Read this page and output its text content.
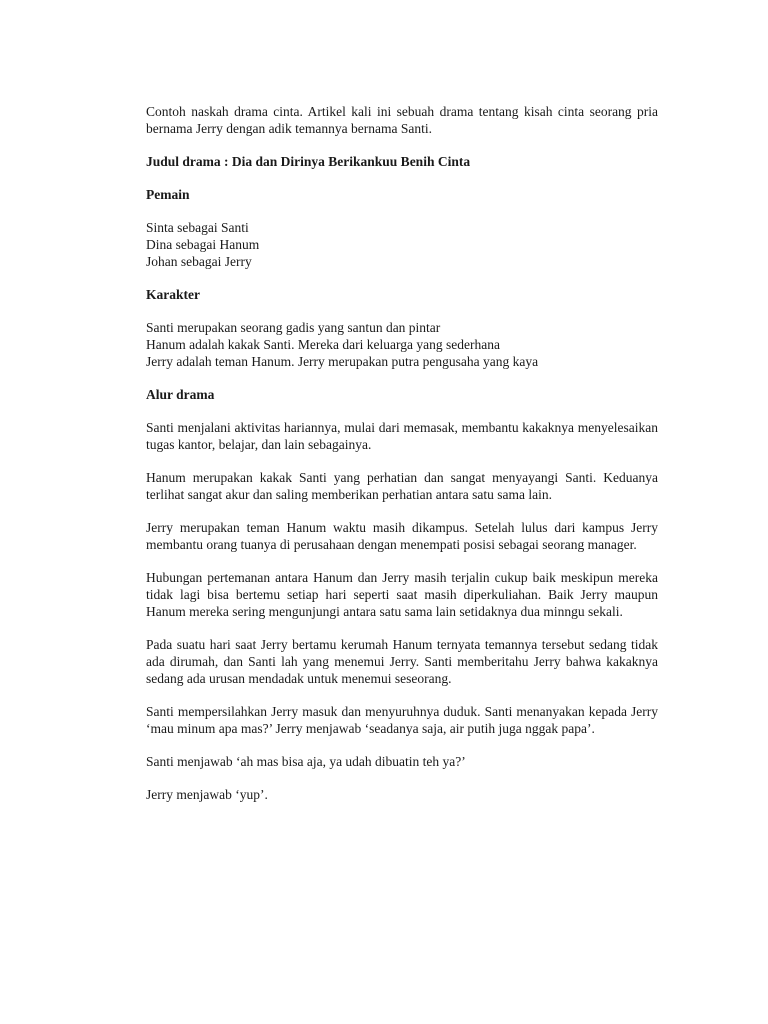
Contoh naskah drama cinta. Artikel kali ini sebuah drama tentang kisah cinta seorang pria bernama Jerry dengan adik temannya bernama Santi.

Judul drama : Dia dan Dirinya Berikankuu Benih Cinta

Pemain

Sinta sebagai Santi
Dina sebagai Hanum
Johan sebagai Jerry

Karakter

Santi merupakan seorang gadis yang santun dan pintar
Hanum adalah kakak Santi. Mereka dari keluarga yang sederhana
Jerry adalah teman Hanum. Jerry merupakan putra pengusaha yang kaya

Alur drama

Santi menjalani aktivitas hariannya, mulai dari memasak, membantu kakaknya menyelesaikan tugas kantor, belajar, dan lain sebagainya.

Hanum merupakan kakak Santi yang perhatian dan sangat menyayangi Santi. Keduanya terlihat sangat akur dan saling memberikan perhatian antara satu sama lain.

Jerry merupakan teman Hanum waktu masih dikampus. Setelah lulus dari kampus Jerry membantu orang tuanya di perusahaan dengan menempati posisi sebagai seorang manager.

Hubungan pertemanan antara Hanum dan Jerry masih terjalin cukup baik meskipun mereka tidak lagi bisa bertemu setiap hari seperti saat masih diperkuliahan. Baik Jerry maupun Hanum mereka sering mengunjungi antara satu sama lain setidaknya dua minngu sekali.

Pada suatu hari saat Jerry bertamu kerumah Hanum ternyata temannya tersebut sedang tidak ada dirumah, dan Santi lah yang menemui Jerry. Santi memberitahu Jerry bahwa kakaknya sedang ada urusan mendadak untuk menemui seseorang.

Santi mempersilahkan Jerry masuk dan menyuruhnya duduk. Santi menanyakan kepada Jerry ‘mau minum apa mas?’ Jerry menjawab ‘seadanya saja, air putih juga nggak papa’.

Santi menjawab ‘ah mas bisa aja, ya udah dibuatin teh ya?’

Jerry menjawab ‘yup’.
